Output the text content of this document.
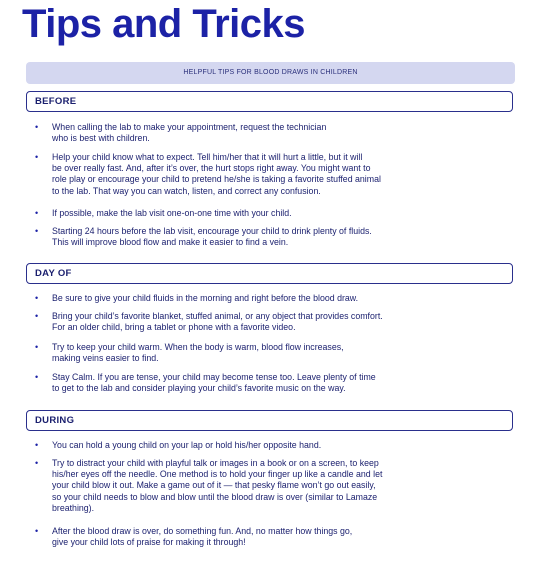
Tips and Tricks
HELPFUL TIPS FOR BLOOD DRAWS IN CHILDREN
BEFORE
• When calling the lab to make your appointment, request the technician
who is best with children.
• Help your child know what to expect. Tell him/her that it will hurt a little, but it will
be over really fast. And, after it’s over, the hurt stops right away. You might want to
role play or encourage your child to pretend he/she is taking a favorite stuffed animal
to the lab. That way you can watch, listen, and correct any confusion.
• If possible, make the lab visit one-on-one time with your child.
• Starting 24 hours before the lab visit, encourage your child to drink plenty of fluids.
This will improve blood flow and make it easier to find a vein.
DAY OF
• Be sure to give your child fluids in the morning and right before the blood draw.
• Bring your child’s favorite blanket, stuffed animal, or any object that provides comfort.
For an older child, bring a tablet or phone with a favorite video.
• Try to keep your child warm. When the body is warm, blood flow increases,
making veins easier to find.
• Stay Calm. If you are tense, your child may become tense too. Leave plenty of time
to get to the lab and consider playing your child’s favorite music on the way.
DURING
• You can hold a young child on your lap or hold his/her opposite hand.
• Try to distract your child with playful talk or images in a book or on a screen, to keep
his/her eyes off the needle. One method is to hold your finger up like a candle and let
your child blow it out. Make a game out of it — that pesky flame won’t go out easily,
so your child needs to blow and blow until the blood draw is over (similar to Lamaze
breathing).
• After the blood draw is over, do something fun. And, no matter how things go,
give your child lots of praise for making it through!
